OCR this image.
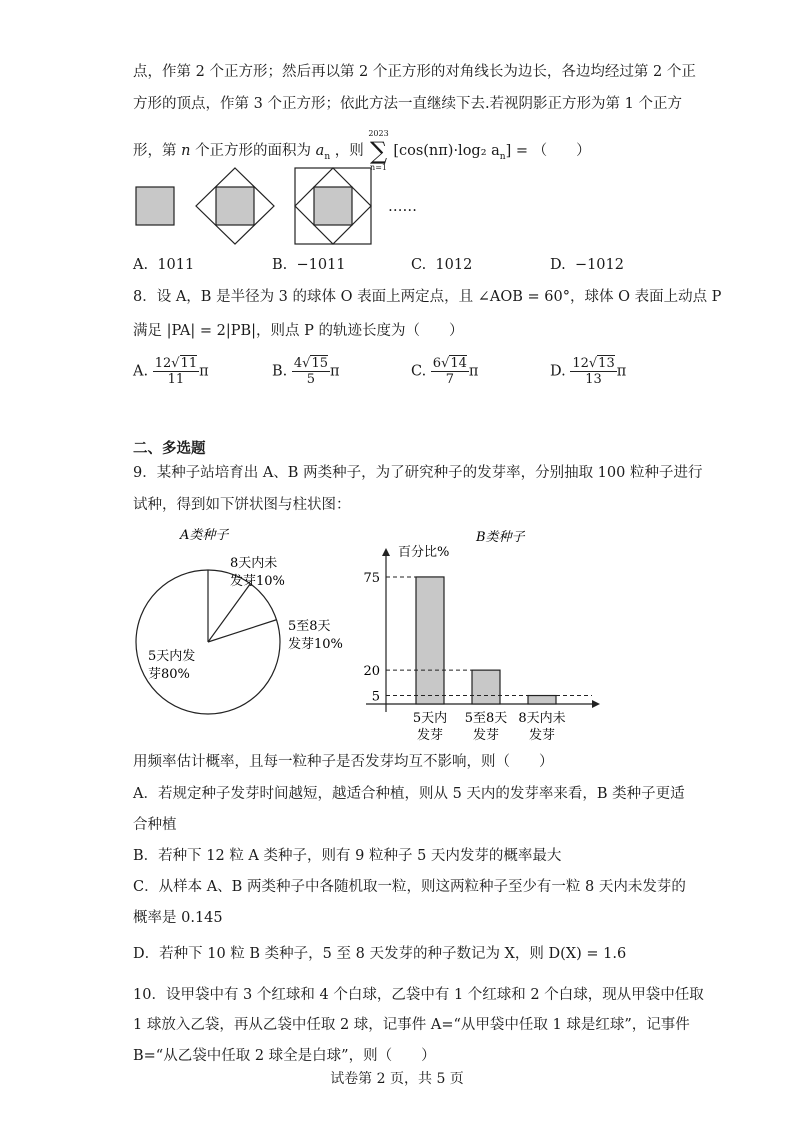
点，作第 2 个正方形；然后再以第 2 个正方形的对角线长为边长，各边均经过第 2 个正
方形的顶点，作第 3 个正方形；依此方法一直继续下去.若视阴影正方形为第 1 个正方
形，第 n 个正方形的面积为 $a_n$ ，则
2023
∑
n=1
[cos(nπ)·log₂ $a_n$] = （　　）
……
A. 1011	B. −1011	C. 1012	D. −1012
8．设 A，B 是半径为 3 的球体 O 表面上两定点，且 ∠AOB = 60°，球体 O 表面上动点 P
满足 |PA| = 2|PB|，则点 P 的轨迹长度为（　　）
A. $\frac{12√11}{11}$ π	B. $\frac{4√15}{5}$ π	C. $\frac{6√14}{7}$ π	D. $\frac{12√13}{13}$ π
二、多选题
9．某种子站培育出 A、B 两类种子，为了研究种子的发芽率，分别抽取 100 粒种子进行
试种，得到如下饼状图与柱状图：
A类种子
8天内未
发芽10%
5至8天
发芽10%
5天内发
芽80%
B类种子
百分比%
75
5天内
发芽
20
5至8天
发芽
5
8天内未
发芽
用频率估计概率，且每一粒种子是否发芽均互不影响，则（　　）
A．若规定种子发芽时间越短，越适合种植，则从 5 天内的发芽率来看，B 类种子更适
合种植
B．若种下 12 粒 A 类种子，则有 9 粒种子 5 天内发芽的概率最大
C．从样本 A、B 两类种子中各随机取一粒，则这两粒种子至少有一粒 8 天内未发芽的
概率是 0.145
D．若种下 10 粒 B 类种子，5 至 8 天发芽的种子数记为 X，则 D(X) = 1.6
10．设甲袋中有 3 个红球和 4 个白球，乙袋中有 1 个红球和 2 个白球，现从甲袋中任取
1 球放入乙袋，再从乙袋中任取 2 球，记事件 A=“从甲袋中任取 1 球是红球”，记事件
B=“从乙袋中任取 2 球全是白球”，则（　　）
试卷第 2 页，共 5 页
